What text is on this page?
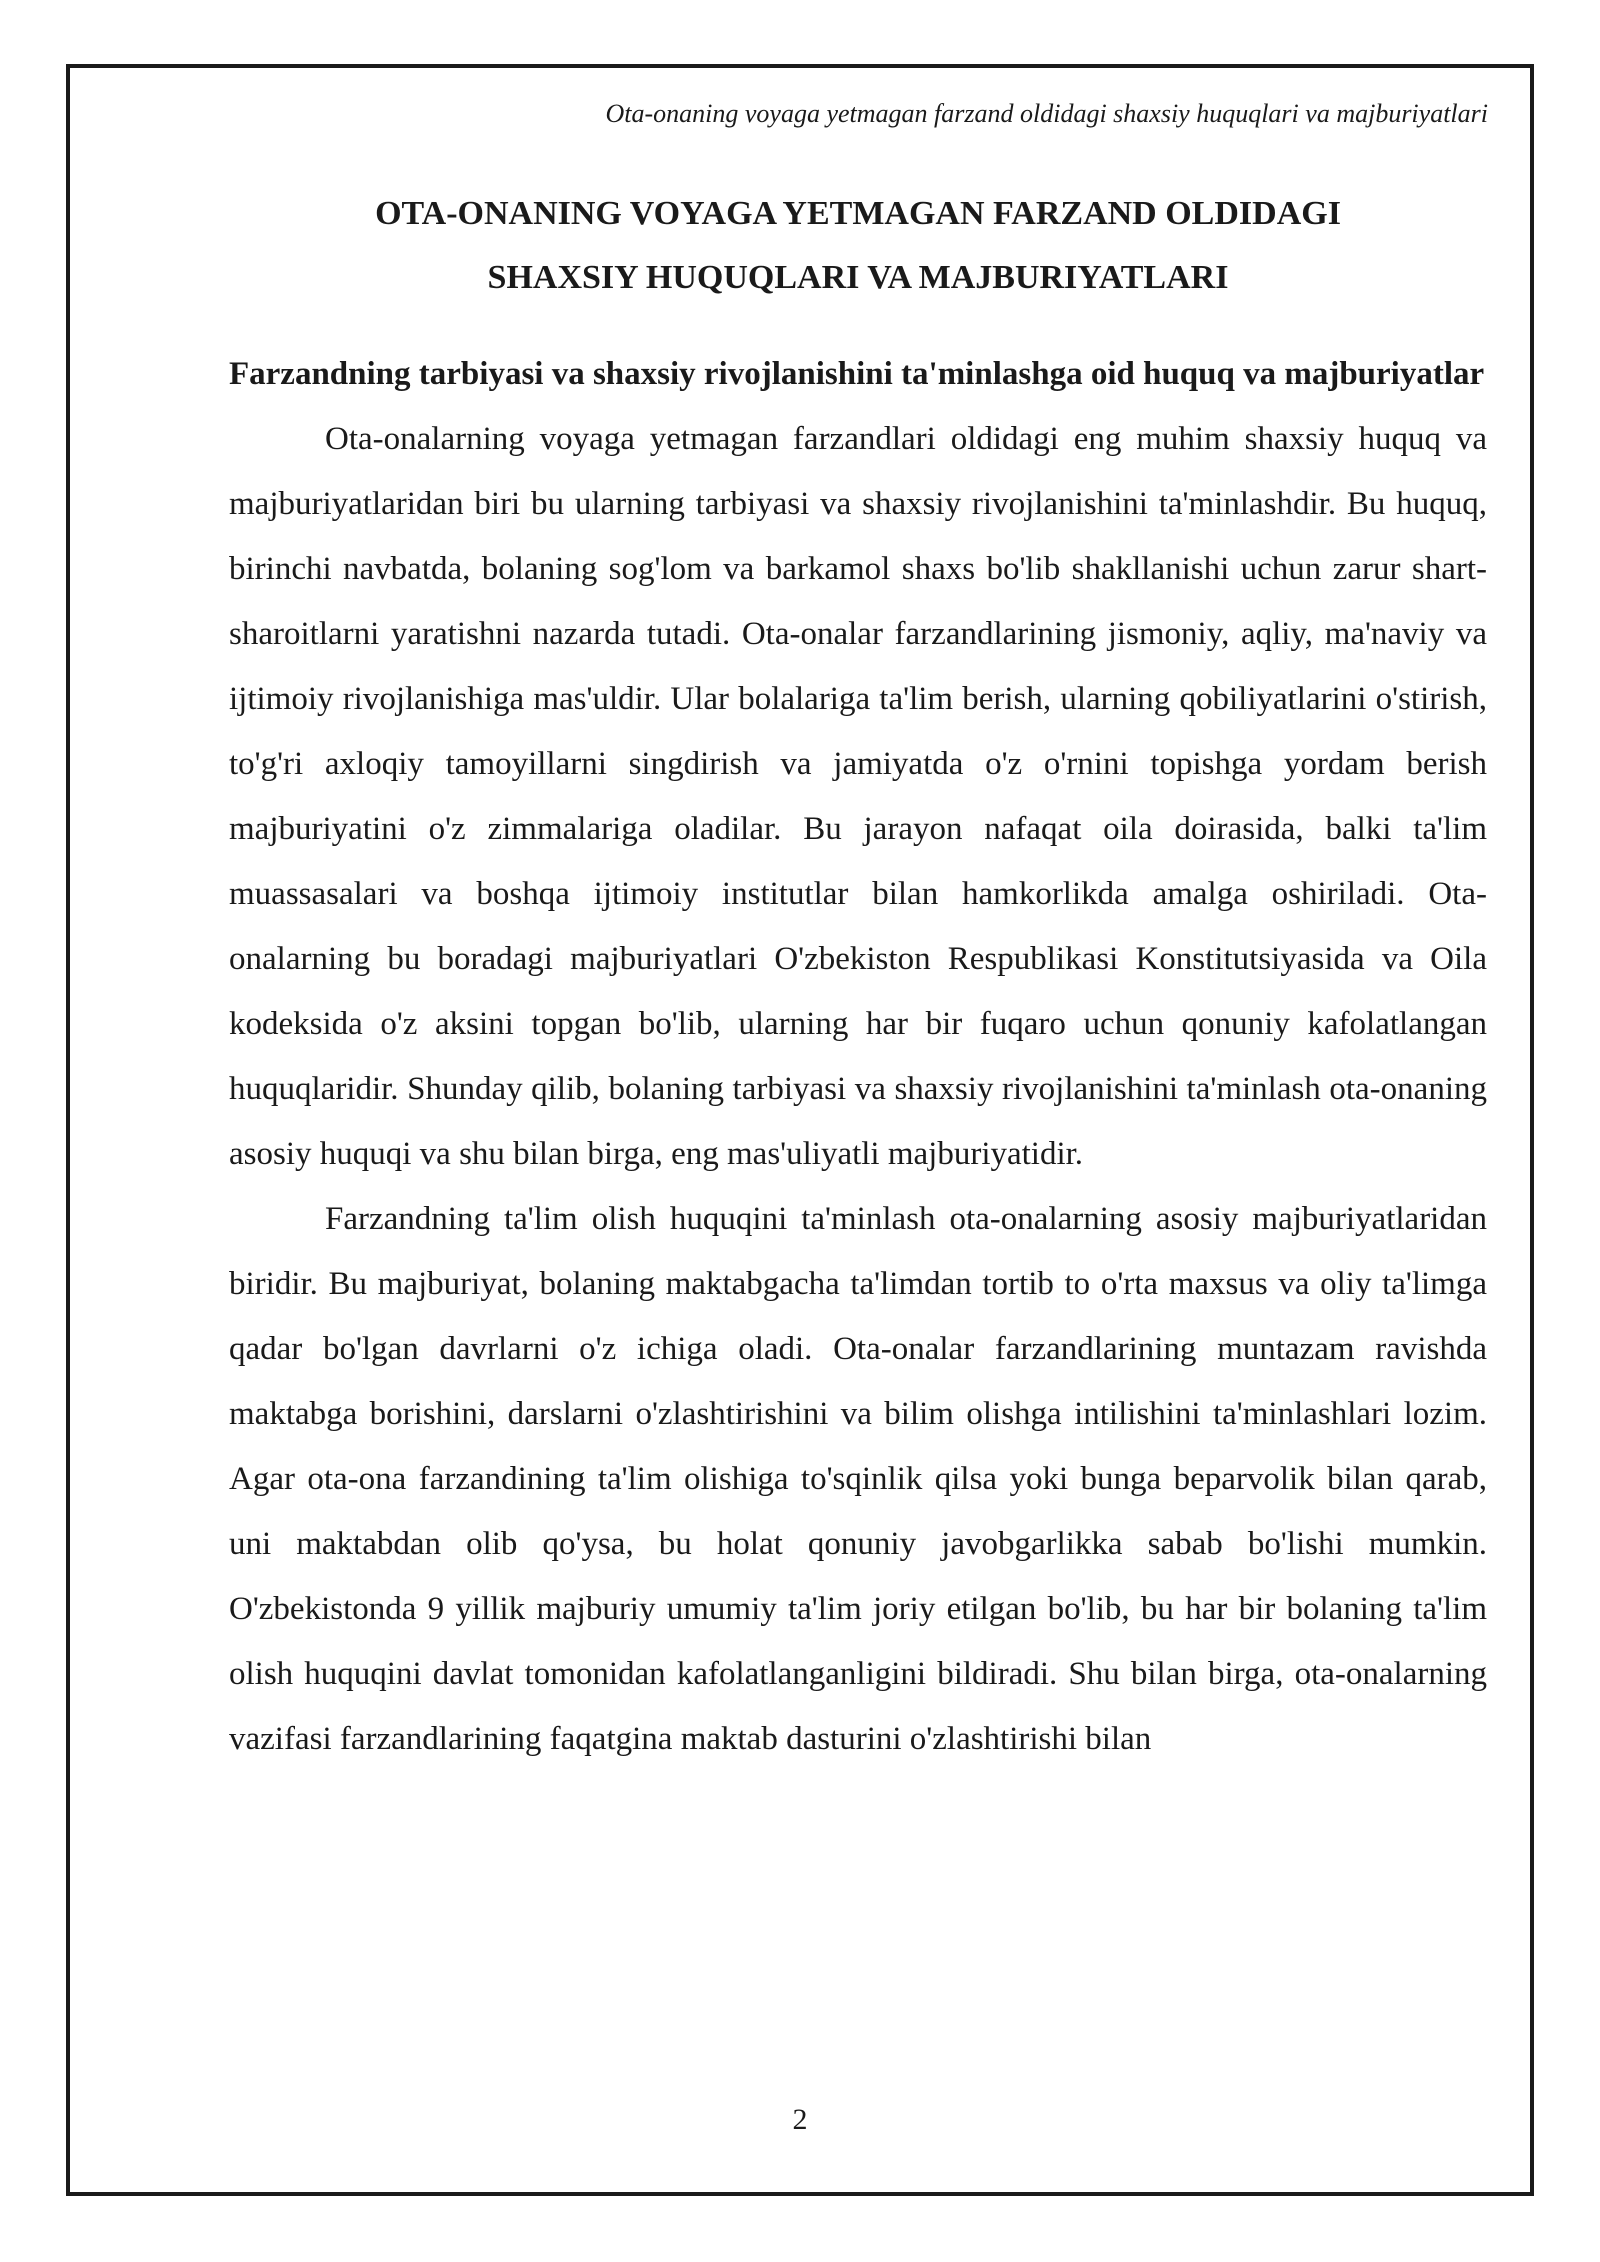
Ota-onaning voyaga yetmagan farzand oldidagi shaxsiy huquqlari va majburiyatlari
OTA-ONANING VOYAGA YETMAGAN FARZAND OLDIDAGI
SHAXSIY HUQUQLARI VA MAJBURIYATLARI
Farzandning tarbiyasi va shaxsiy rivojlanishini ta'minlashga oid huquq va majburiyatlar

Ota-onalarning voyaga yetmagan farzandlari oldidagi eng muhim shaxsiy huquq va majburiyatlaridan biri bu ularning tarbiyasi va shaxsiy rivojlanishini ta'minlashdir. Bu huquq, birinchi navbatda, bolaning sog'lom va barkamol shaxs bo'lib shakllanishi uchun zarur shart-sharoitlarni yaratishni nazarda tutadi. Ota-onalar farzandlarining jismoniy, aqliy, ma'naviy va ijtimoiy rivojlanishiga mas'uldir. Ular bolalariga ta'lim berish, ularning qobiliyatlarini o'stirish, to'g'ri axloqiy tamoyillarni singdirish va jamiyatda o'z o'rnini topishga yordam berish majburiyatini o'z zimmalariga oladilar. Bu jarayon nafaqat oila doirasida, balki ta'lim muassasalari va boshqa ijtimoiy institutlar bilan hamkorlikda amalga oshiriladi. Ota-onalarning bu boradagi majburiyatlari O'zbekiston Respublikasi Konstitutsiyasida va Oila kodeksida o'z aksini topgan bo'lib, ularning har bir fuqaro uchun qonuniy kafolatlangan huquqlaridir. Shunday qilib, bolaning tarbiyasi va shaxsiy rivojlanishini ta'minlash ota-onaning asosiy huquqi va shu bilan birga, eng mas'uliyatli majburiyatidir.

Farzandning ta'lim olish huquqini ta'minlash ota-onalarning asosiy majburiyatlaridan biridir. Bu majburiyat, bolaning maktabgacha ta'limdan tortib to o'rta maxsus va oliy ta'limga qadar bo'lgan davrlarni o'z ichiga oladi. Ota-onalar farzandlarining muntazam ravishda maktabga borishini, darslarni o'zlashtirishini va bilim olishga intilishini ta'minlashlari lozim. Agar ota-ona farzandining ta'lim olishiga to'sqinlik qilsa yoki bunga beparvolik bilan qarab, uni maktabdan olib qo'ysa, bu holat qonuniy javobgarlikka sabab bo'lishi mumkin. O'zbekistonda 9 yillik majburiy umumiy ta'lim joriy etilgan bo'lib, bu har bir bolaning ta'lim olish huquqini davlat tomonidan kafolatlanganligini bildiradi. Shu bilan birga, ota-onalarning vazifasi farzandlarining faqatgina maktab dasturini o'zlashtirishi bilan

2
